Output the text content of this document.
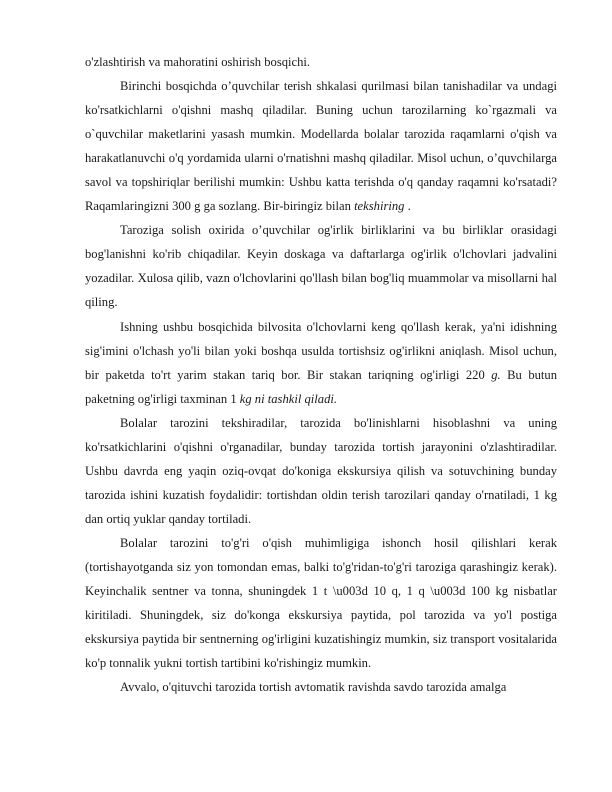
o'zlashtirish va mahoratini oshirish bosqichi.

Birinchi bosqichda o’quvchilar terish shkalasi qurilmasi bilan tanishadilar va undagi ko'rsatkichlarni o'qishni mashq qiladilar. Buning uchun tarozilarning ko`rgazmali va o`quvchilar maketlarini yasash mumkin. Modellarda bolalar tarozida raqamlarni o'qish va harakatlanuvchi o'q yordamida ularni o'rnatishni mashq qiladilar. Misol uchun, o’quvchilarga savol va topshiriqlar berilishi mumkin: Ushbu katta terishda o'q qanday raqamni ko'rsatadi? Raqamlaringizni 300 g ga sozlang. Bir-biringiz bilan tekshiring .

Taroziga solish oxirida o’quvchilar og'irlik birliklarini va bu birliklar orasidagi bog'lanishni ko'rib chiqadilar. Keyin doskaga va daftarlarga og'irlik o'lchovlari jadvalini yozadilar. Xulosa qilib, vazn o'lchovlarini qo'llash bilan bog'liq muammolar va misollarni hal qiling.

Ishning ushbu bosqichida bilvosita o'lchovlarni keng qo'llash kerak, ya'ni idishning sig'imini o'lchash yo'li bilan yoki boshqa usulda tortishsiz og'irlikni aniqlash. Misol uchun, bir paketda to'rt yarim stakan tariq bor. Bir stakan tariqning og'irligi 220 g. Bu butun paketning og'irligi taxminan 1 kg ni tashkil qiladi.

Bolalar tarozini tekshiradilar, tarozida bo'linishlarni hisoblashni va uning ko'rsatkichlarini o'qishni o'rganadilar, bunday tarozida tortish jarayonini o'zlashtiradilar. Ushbu davrda eng yaqin oziq-ovqat do'koniga ekskursiya qilish va sotuvchining bunday tarozida ishini kuzatish foydalidir: tortishdan oldin terish tarozilari qanday o'rnatiladi, 1 kg dan ortiq yuklar qanday tortiladi.

Bolalar tarozini to'g'ri o'qish muhimligiga ishonch hosil qilishlari kerak (tortishayotganda siz yon tomondan emas, balki to'g'ridan-to'g'ri taroziga qarashingiz kerak). Keyinchalik sentner va tonna, shuningdek 1 t \u003d 10 q, 1 q \u003d 100 kg nisbatlar kiritiladi. Shuningdek, siz do'konga ekskursiya paytida, pol tarozida va yo'l postiga ekskursiya paytida bir sentnerning og'irligini kuzatishingiz mumkin, siz transport vositalarida ko'p tonnalik yukni tortish tartibini ko'rishingiz mumkin.

Avvalo, o'qituvchi tarozida tortish avtomatik ravishda savdo tarozida amalga
